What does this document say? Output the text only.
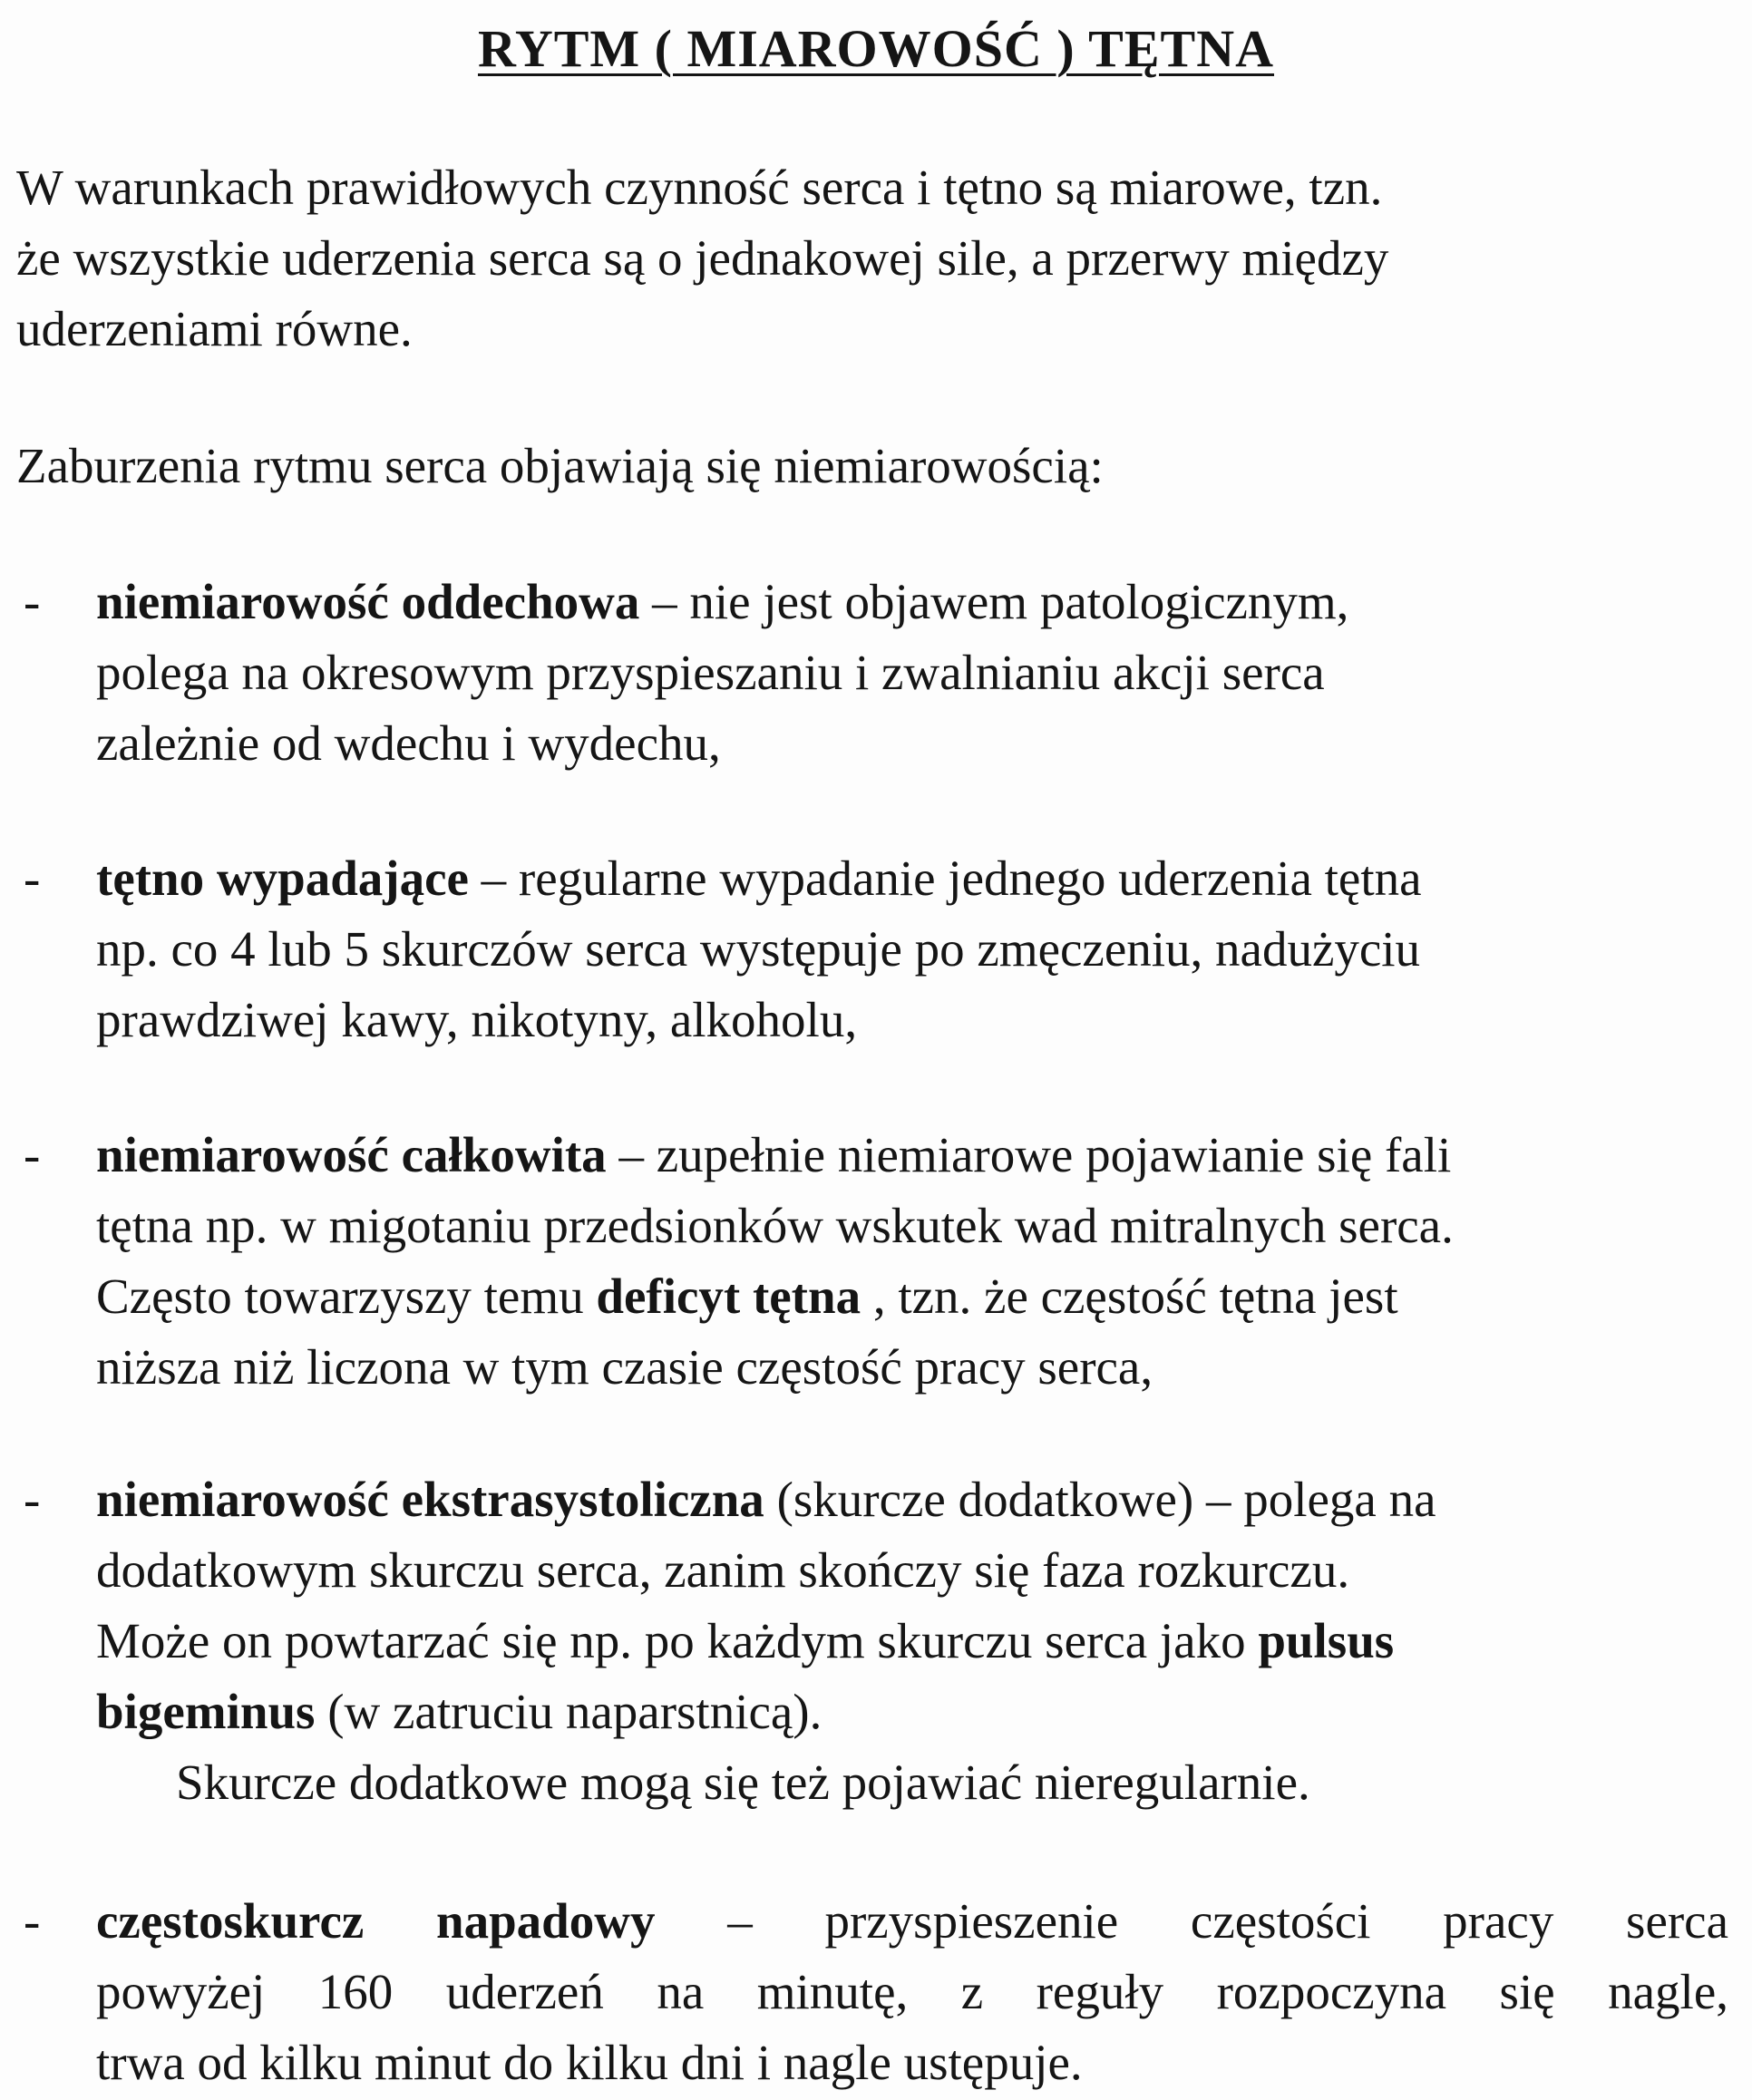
RYTM ( MIAROWOŚĆ ) TĘTNA
W warunkach prawidłowych czynność serca i tętno są miarowe, tzn.
że wszystkie uderzenia serca są o jednakowej sile, a przerwy między
uderzeniami równe.
Zaburzenia rytmu serca objawiają się niemiarowością:
- niemiarowość oddechowa – nie jest objawem patologicznym,
polega na okresowym przyspieszaniu i zwalnianiu akcji serca
zależnie od wdechu i wydechu,
- tętno wypadające – regularne wypadanie jednego uderzenia tętna
np. co 4 lub 5 skurczów serca występuje po zmęczeniu, nadużyciu
prawdziwej kawy, nikotyny, alkoholu,
- niemiarowość całkowita – zupełnie niemiarowe pojawianie się fali
tętna np. w migotaniu przedsionków wskutek wad mitralnych serca.
Często towarzyszy temu deficyt tętna , tzn. że częstość tętna jest
niższa niż liczona w tym czasie częstość pracy serca,
- niemiarowość ekstrasystoliczna (skurcze dodatkowe) – polega na
dodatkowym skurczu serca, zanim skończy się faza rozkurczu.
Może on powtarzać się np. po każdym skurczu serca jako pulsus
bigeminus (w zatruciu naparstnicą).
Skurcze dodatkowe mogą się też pojawiać nieregularnie.
- częstoskurcz napadowy – przyspieszenie częstości pracy serca
powyżej 160 uderzeń na minutę, z reguły rozpoczyna się nagle,
trwa od kilku minut do kilku dni i nagle ustępuje.
